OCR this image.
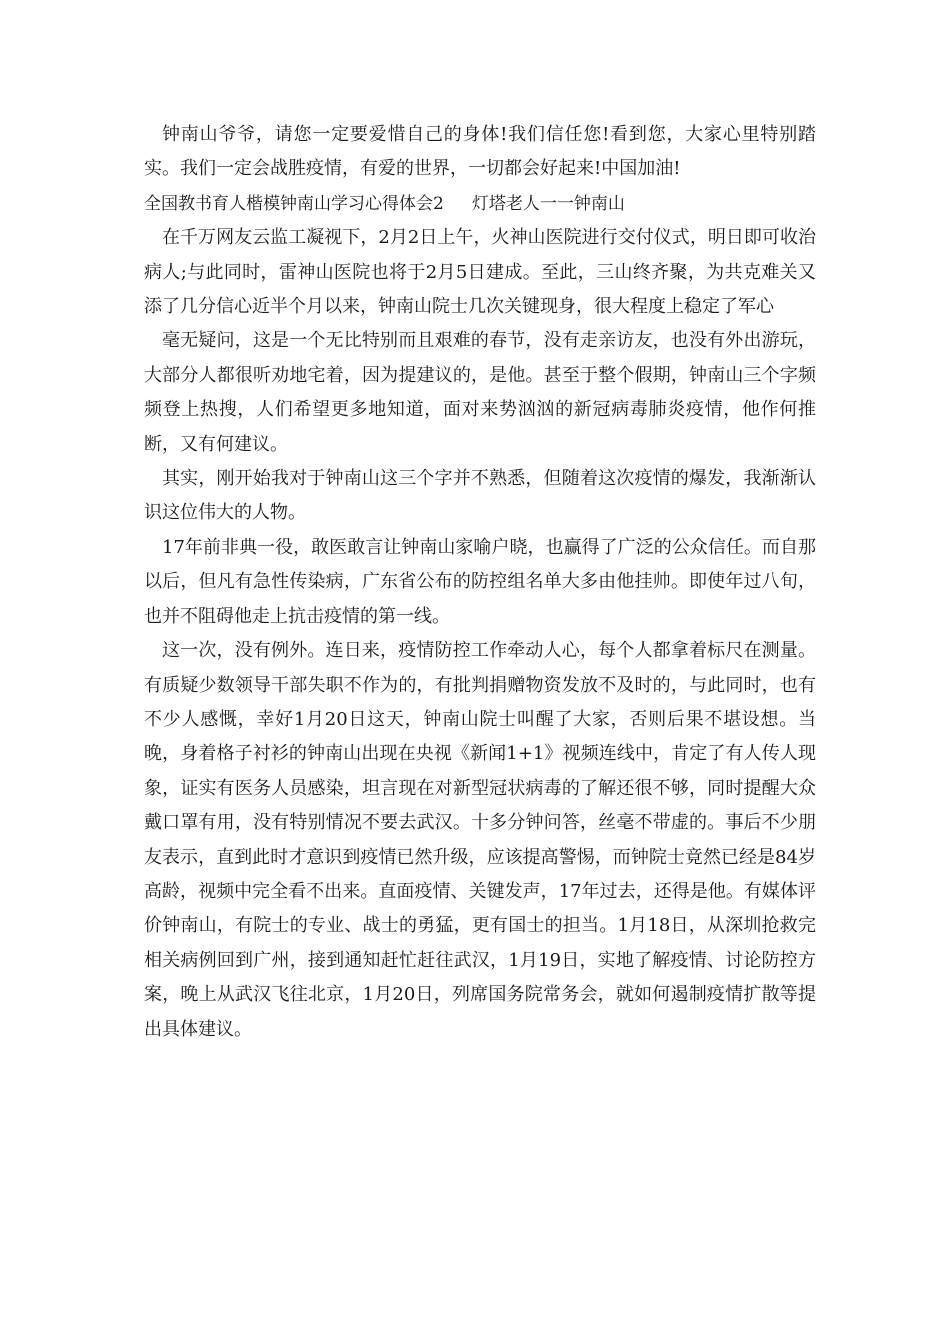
钟南山爷爷，请您一定要爱惜自己的身体!我们信任您!看到您，大家心里特别踏实。我们一定会战胜疫情，有爱的世界，一切都会好起来!中国加油!

全国教书育人楷模钟南山学习心得体会2 灯塔老人一一钟南山

在千万网友云监工凝视下，2月2日上午，火神山医院进行交付仪式，明日即可收治病人;与此同时，雷神山医院也将于2月5日建成。至此，三山终齐聚，为共克难关又添了几分信心近半个月以来，钟南山院士几次关键现身，很大程度上稳定了军心

毫无疑问，这是一个无比特别而且艰难的春节，没有走亲访友，也没有外出游玩，大部分人都很听劝地宅着，因为提建议的，是他。甚至于整个假期，钟南山三个字频频登上热搜，人们希望更多地知道，面对来势汹汹的新冠病毒肺炎疫情，他作何推断，又有何建议。

其实，刚开始我对于钟南山这三个字并不熟悉，但随着这次疫情的爆发，我渐渐认识这位伟大的人物。

17年前非典一役，敢医敢言让钟南山家喻户晓，也赢得了广泛的公众信任。而自那以后，但凡有急性传染病，广东省公布的防控组名单大多由他挂帅。即使年过八旬，也并不阻碍他走上抗击疫情的第一线。

这一次，没有例外。连日来，疫情防控工作牵动人心，每个人都拿着标尺在测量。有质疑少数领导干部失职不作为的，有批判捐赠物资发放不及时的，与此同时，也有不少人感慨，幸好1月20日这天，钟南山院士叫醒了大家，否则后果不堪设想。当晚，身着格子衬衫的钟南山出现在央视《新闻1+1》视频连线中，肯定了有人传人现象，证实有医务人员感染，坦言现在对新型冠状病毒的了解还很不够，同时提醒大众戴口罩有用，没有特别情况不要去武汉。十多分钟问答，丝毫不带虚的。事后不少朋友表示，直到此时才意识到疫情已然升级，应该提高警惕，而钟院士竟然已经是84岁高龄，视频中完全看不出来。直面疫情、关键发声，17年过去，还得是他。有媒体评价钟南山，有院士的专业、战士的勇猛，更有国士的担当。1月18日，从深圳抢救完相关病例回到广州，接到通知赶忙赶往武汉，1月19日，实地了解疫情、讨论防控方案，晚上从武汉飞往北京，1月20日，列席国务院常务会，就如何遏制疫情扩散等提出具体建议。
